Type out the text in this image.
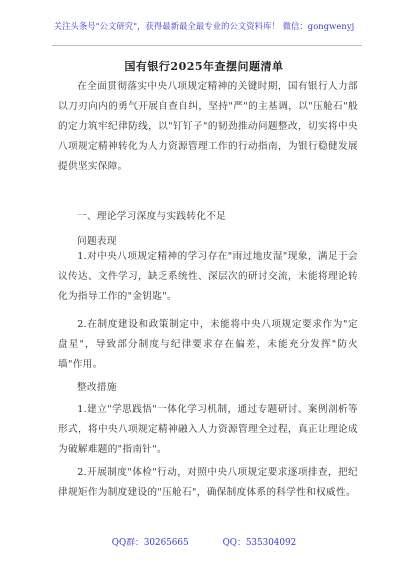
关注头条号"公文研究"，获得最新最全最专业的公文资料库！ 微信：gongwenyj
国有银行2025年查摆问题清单

在全面贯彻落实中央八项规定精神的关键时期，国有银行人力部以刀刃向内的勇气开展自查自纠，坚持"严"的主基调，以"压舱石"般的定力筑牢纪律防线，以"钉钉子"的韧劲推动问题整改，切实将中央八项规定精神转化为人力资源管理工作的行动指南，为银行稳健发展提供坚实保障。

一、理论学习深度与实践转化不足
问题表现

1.对中央八项规定精神的学习存在"雨过地皮湿"现象，满足于会议传达、文件学习，缺乏系统性、深层次的研讨交流，未能将理论转化为指导工作的"金钥匙"。

2.在制度建设和政策制定中，未能将中央八项规定要求作为"定盘星"，导致部分制度与纪律要求存在偏差，未能充分发挥"防火墙"作用。

整改措施

1.建立"学思践悟"一体化学习机制，通过专题研讨、案例剖析等形式，将中央八项规定精神融入人力资源管理全过程，真正让理论成为破解难题的"指南针"。

2.开展制度"体检"行动，对照中央八项规定要求逐项排查，把纪律规矩作为制度建设的"压舱石"，确保制度体系的科学性和权威性。

QQ群：30265665	QQ：535304092
